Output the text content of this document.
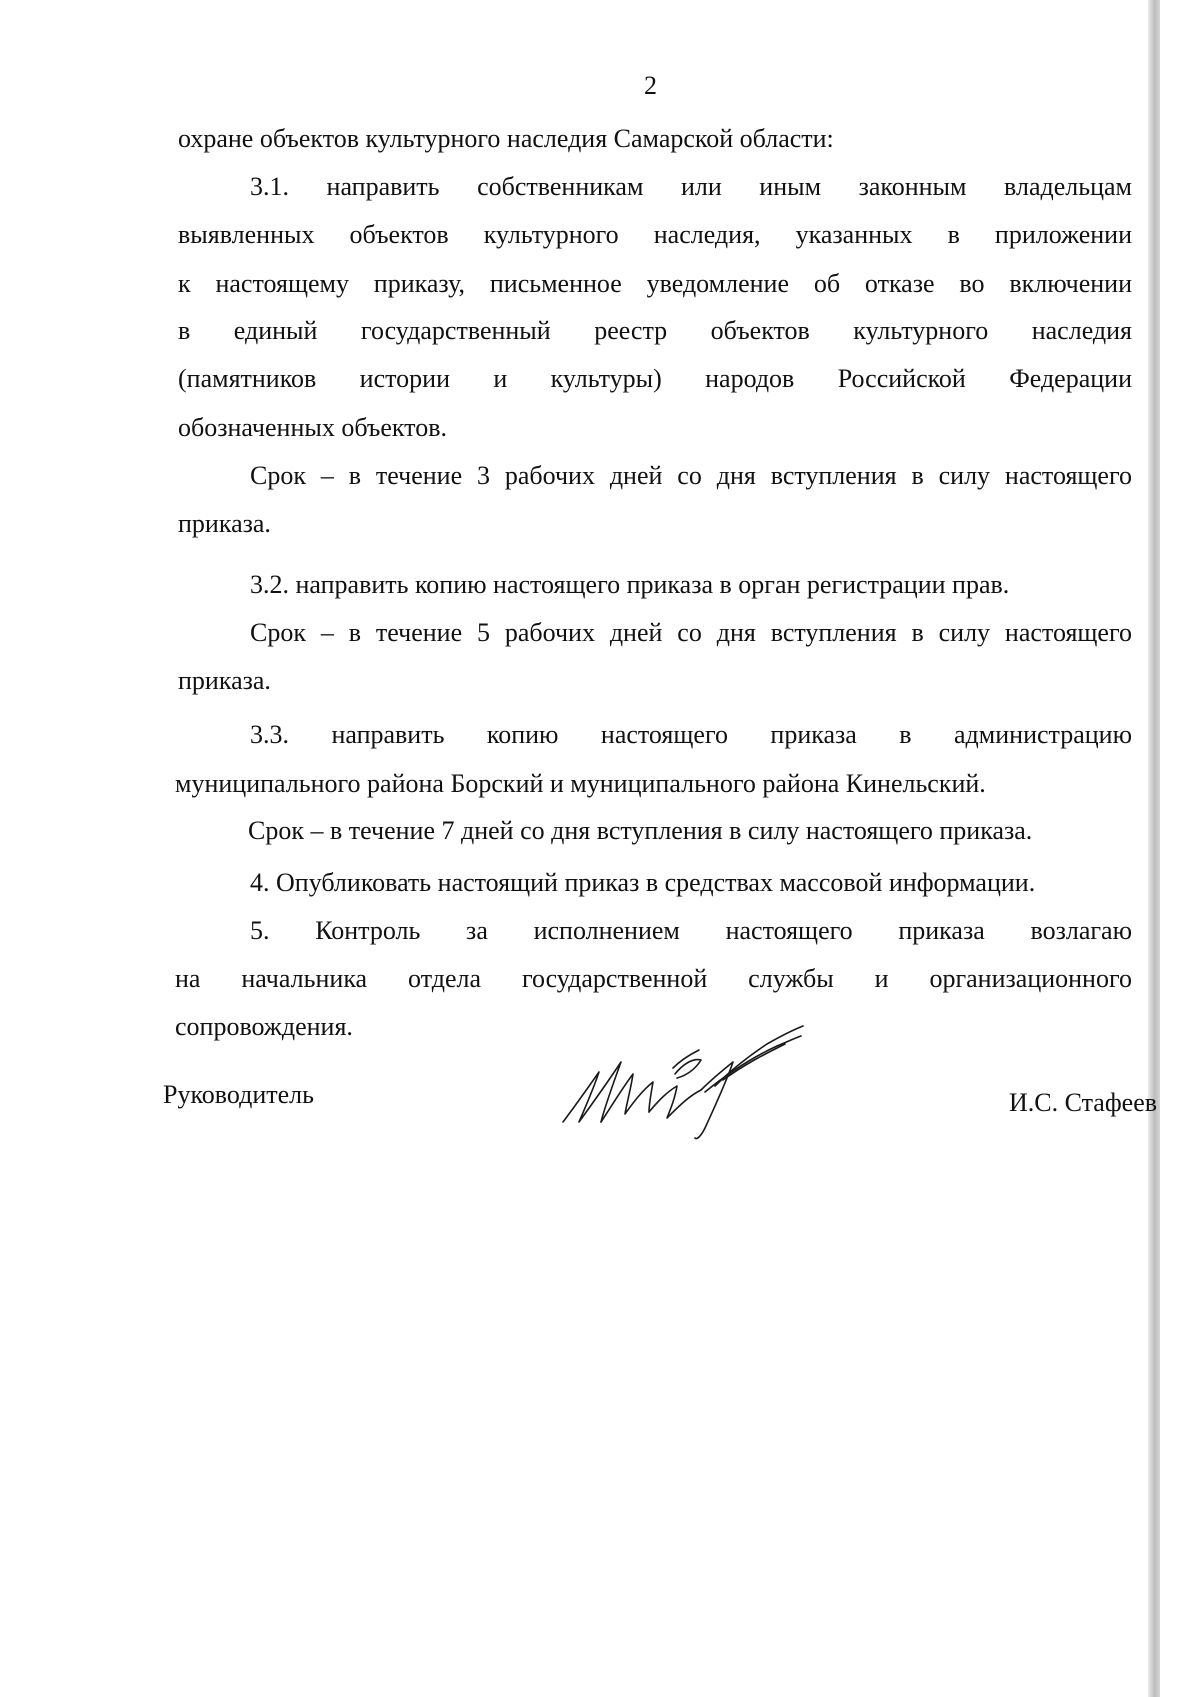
2
охране объектов культурного наследия Самарской области:
3.1. направить собственникам или иным законным владельцам
выявленных объектов культурного наследия, указанных в приложении
к настоящему приказу, письменное уведомление об отказе во включении
в единый государственный реестр объектов культурного наследия
(памятников истории и культуры) народов Российской Федерации
обозначенных объектов.
Срок – в течение 3 рабочих дней со дня вступления в силу настоящего
приказа.
3.2. направить копию настоящего приказа в орган регистрации прав.
Срок – в течение 5 рабочих дней со дня вступления в силу настоящего
приказа.
3.3. направить копию настоящего приказа в администрацию
муниципального района Борский и муниципального района Кинельский.
Срок – в течение 7 дней со дня вступления в силу настоящего приказа.
4. Опубликовать настоящий приказ в средствах массовой информации.
5. Контроль за исполнением настоящего приказа возлагаю
на начальника отдела государственной службы и организационного
сопровождения.
Руководитель	И.С. Стафеев
